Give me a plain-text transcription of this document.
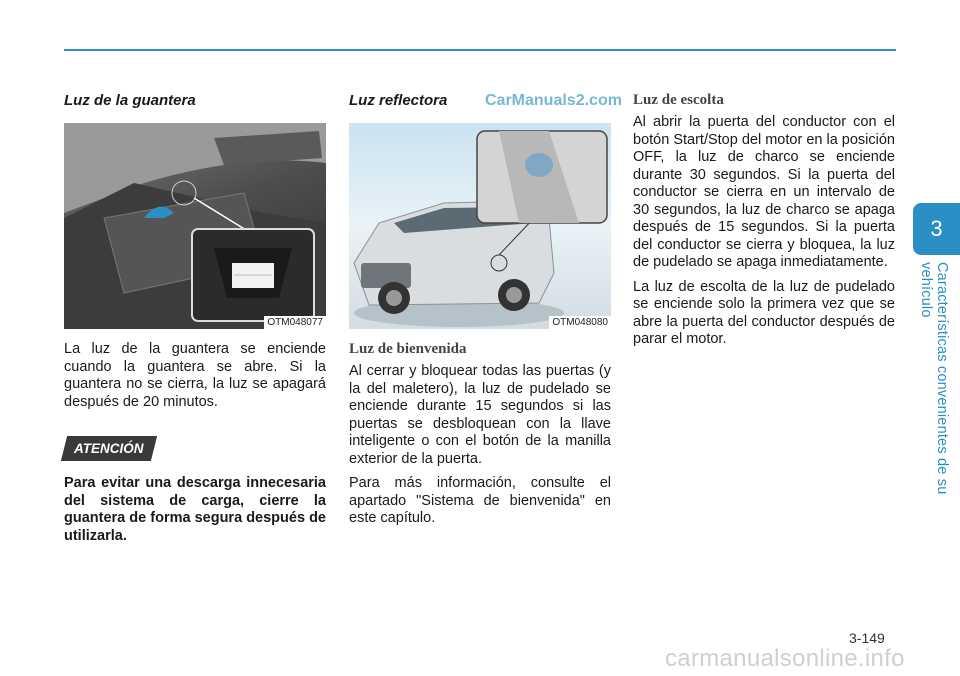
3
Características convenientes de su vehículo
CarManuals2.com
Luz de la guantera
OTM048077

La luz de la guantera se enciende cuando la guantera se abre. Si la guantera no se cierra, la luz se apagará después de 20 minutos.

ATENCIÓN

Para evitar una descarga innecesaria del sistema de carga, cierre la guantera de forma segura después de utilizarla.

Luz reflectora
OTM048080
Luz de bienvenida

Al cerrar y bloquear todas las puertas (y la del maletero), la luz de pudelado se enciende durante 15 segundos si las puertas se desbloquean con la llave inteligente o con el botón de la manilla exterior de la puerta.

Para más información, consulte el apartado "Sistema de bienvenida" en este capítulo.

Luz de escolta

Al abrir la puerta del conductor con el botón Start/Stop del motor en la posición OFF, la luz de charco se enciende durante 30 segundos. Si la puerta del conductor se cierra en un intervalo de 30 segundos, la luz de charco se apaga después de 15 segundos. Si la puerta del conductor se cierra y bloquea, la luz de pudelado se apaga inmediatamente.

La luz de escolta de la luz de pudelado se enciende solo la primera vez que se abre la puerta del conductor después de parar el motor.

3-149
carmanualsonline.info
